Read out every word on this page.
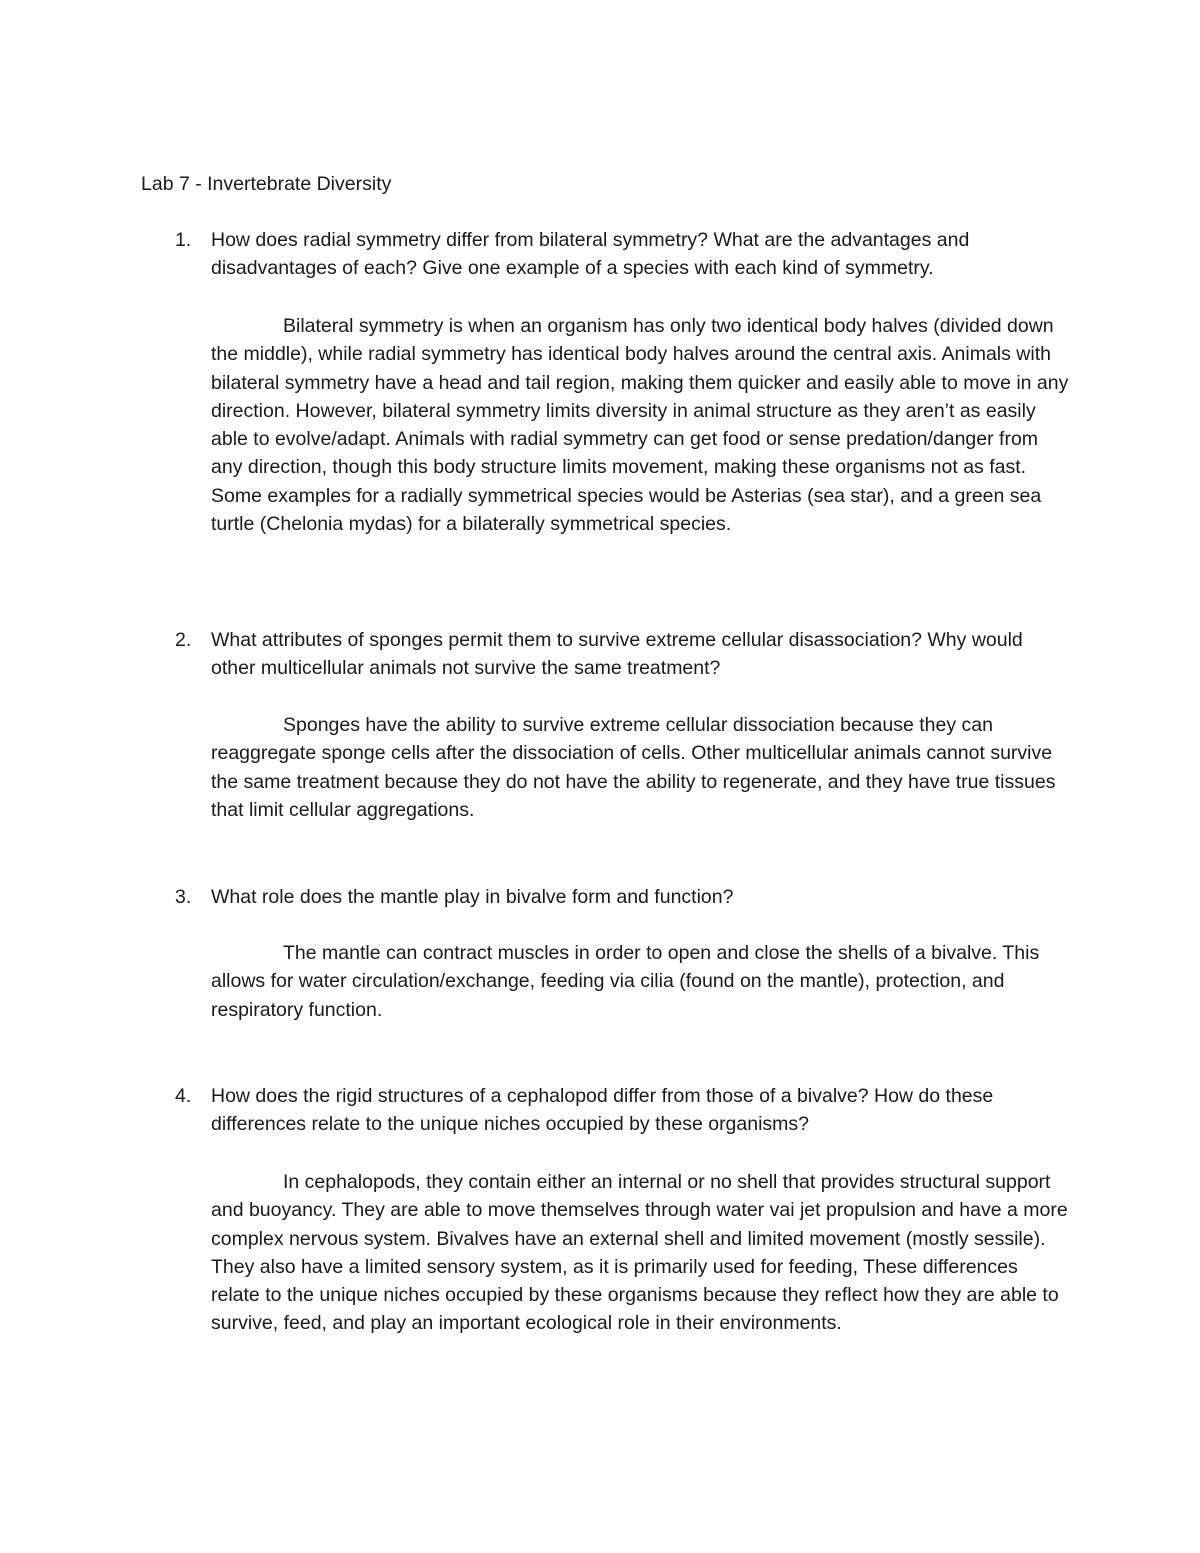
Lab 7 - Invertebrate Diversity
1. How does radial symmetry differ from bilateral symmetry? What are the advantages and disadvantages of each? Give one example of a species with each kind of symmetry.

Bilateral symmetry is when an organism has only two identical body halves (divided down the middle), while radial symmetry has identical body halves around the central axis. Animals with bilateral symmetry have a head and tail region, making them quicker and easily able to move in any direction. However, bilateral symmetry limits diversity in animal structure as they aren’t as easily able to evolve/adapt. Animals with radial symmetry can get food or sense predation/danger from any direction, though this body structure limits movement, making these organisms not as fast. Some examples for a radially symmetrical species would be Asterias (sea star), and a green sea turtle (Chelonia mydas) for a bilaterally symmetrical species.

2. What attributes of sponges permit them to survive extreme cellular disassociation? Why would other multicellular animals not survive the same treatment?

Sponges have the ability to survive extreme cellular dissociation because they can reaggregate sponge cells after the dissociation of cells. Other multicellular animals cannot survive the same treatment because they do not have the ability to regenerate, and they have true tissues that limit cellular aggregations.

3. What role does the mantle play in bivalve form and function?

The mantle can contract muscles in order to open and close the shells of a bivalve. This allows for water circulation/exchange, feeding via cilia (found on the mantle), protection, and respiratory function.

4. How does the rigid structures of a cephalopod differ from those of a bivalve? How do these differences relate to the unique niches occupied by these organisms?

In cephalopods, they contain either an internal or no shell that provides structural support and buoyancy. They are able to move themselves through water vai jet propulsion and have a more complex nervous system. Bivalves have an external shell and limited movement (mostly sessile). They also have a limited sensory system, as it is primarily used for feeding, These differences relate to the unique niches occupied by these organisms because they reflect how they are able to survive, feed, and play an important ecological role in their environments.
